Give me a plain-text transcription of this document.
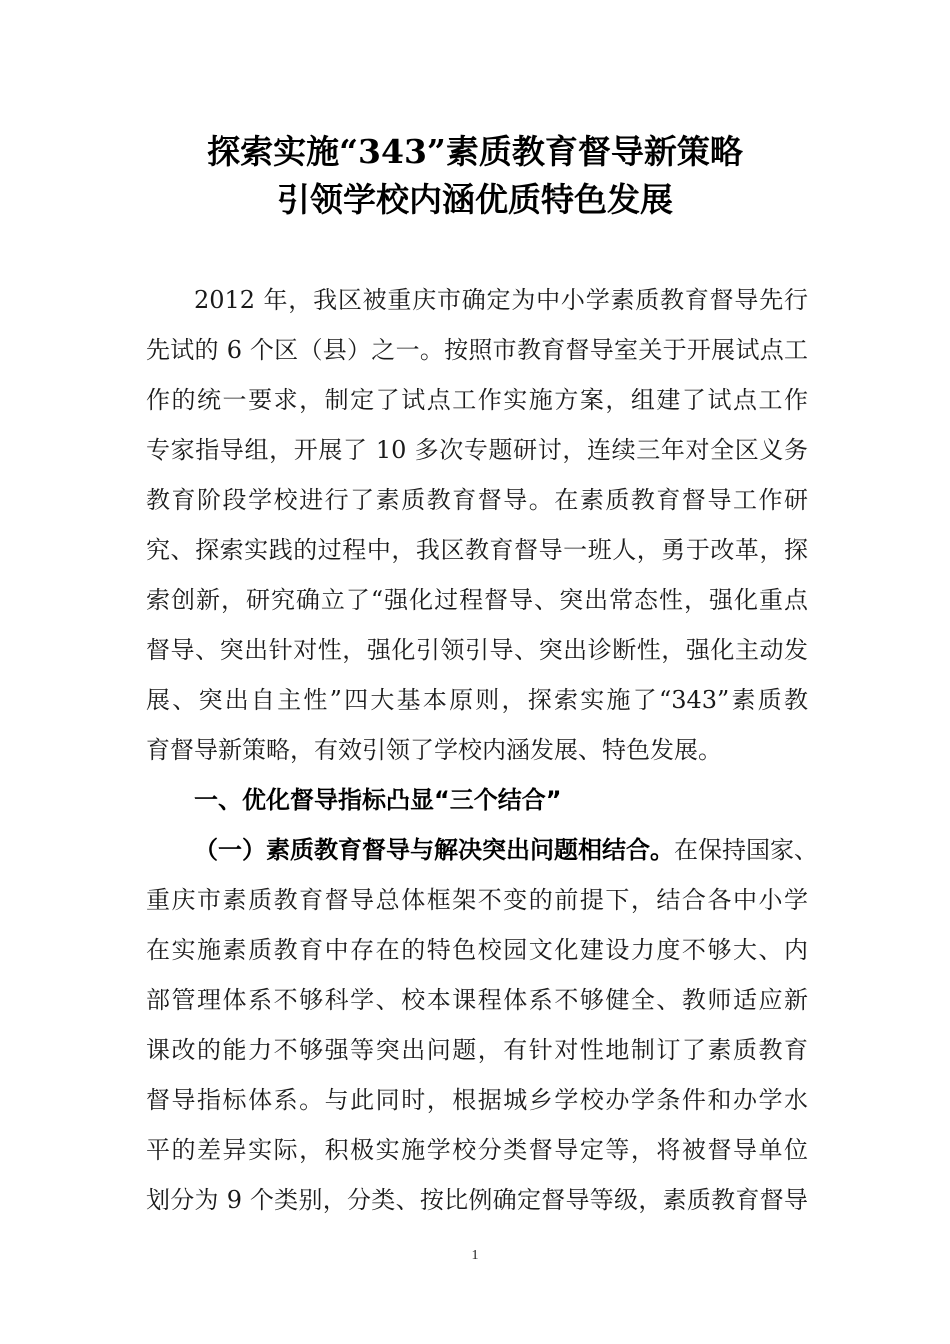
探索实施“343”素质教育督导新策略
引领学校内涵优质特色发展
2012 年，我区被重庆市确定为中小学素质教育督导先行
先试的 6 个区（县）之一。按照市教育督导室关于开展试点工
作的统一要求，制定了试点工作实施方案，组建了试点工作
专家指导组，开展了 10 多次专题研讨，连续三年对全区义务
教育阶段学校进行了素质教育督导。在素质教育督导工作研
究、探索实践的过程中，我区教育督导一班人，勇于改革，探
索创新，研究确立了“强化过程督导、突出常态性，强化重点
督导、突出针对性，强化引领引导、突出诊断性，强化主动发
展、突出自主性”四大基本原则，探索实施了“343”素质教
育督导新策略，有效引领了学校内涵发展、特色发展。
一、优化督导指标凸显“三个结合”
（一）素质教育督导与解决突出问题相结合。在保持国家、
重庆市素质教育督导总体框架不变的前提下，结合各中小学
在实施素质教育中存在的特色校园文化建设力度不够大、内
部管理体系不够科学、校本课程体系不够健全、教师适应新
课改的能力不够强等突出问题，有针对性地制订了素质教育
督导指标体系。与此同时，根据城乡学校办学条件和办学水
平的差异实际，积极实施学校分类督导定等，将被督导单位
划分为 9 个类别，分类、按比例确定督导等级，素质教育督导
1
